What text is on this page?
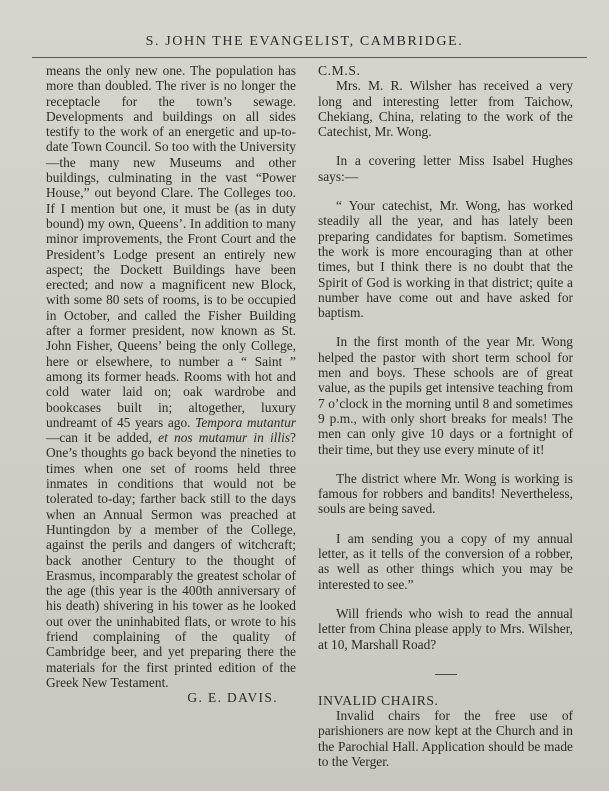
S. JOHN THE EVANGELIST, CAMBRIDGE.

means the only new one. The population has more than doubled. The river is no longer the receptacle for the town’s sewage. Developments and buildings on all sides testify to the work of an energetic and up-to-date Town Council. So too with the University—the many new Museums and other buildings, culminating in the vast “Power House,” out beyond Clare. The Colleges too. If I mention but one, it must be (as in duty bound) my own, Queens’. In addition to many minor improvements, the Front Court and the President’s Lodge present an entirely new aspect; the Dockett Buildings have been erected; and now a magnificent new Block, with some 80 sets of rooms, is to be occupied in October, and called the Fisher Building after a former president, now known as St. John Fisher, Queens’ being the only College, here or elsewhere, to number a “ Saint ” among its former heads. Rooms with hot and cold water laid on; oak wardrobe and bookcases built in; altogether, luxury undreamt of 45 years ago. Tempora mutantur—can it be added, et nos mutamur in illis? One’s thoughts go back beyond the nineties to times when one set of rooms held three inmates in conditions that would not be tolerated to-day; farther back still to the days when an Annual Sermon was preached at Huntingdon by a member of the College, against the perils and dangers of witchcraft; back another Century to the thought of Erasmus, incomparably the greatest scholar of the age (this year is the 400th anniversary of his death) shivering in his tower as he looked out over the uninhabited flats, or wrote to his friend complaining of the quality of Cambridge beer, and yet preparing there the materials for the first printed edition of the Greek New Testament.

G. E. DAVIS.

C.M.S.

Mrs. M. R. Wilsher has received a very long and interesting letter from Taichow, Chekiang, China, relating to the work of the Catechist, Mr. Wong.

In a covering letter Miss Isabel Hughes says:—

“ Your catechist, Mr. Wong, has worked steadily all the year, and has lately been preparing candidates for baptism. Sometimes the work is more encouraging than at other times, but I think there is no doubt that the Spirit of God is working in that district; quite a number have come out and have asked for baptism.

In the first month of the year Mr. Wong helped the pastor with short term school for men and boys. These schools are of great value, as the pupils get intensive teaching from 7 o’clock in the morning until 8 and sometimes 9 p.m., with only short breaks for meals! The men can only give 10 days or a fortnight of their time, but they use every minute of it!

The district where Mr. Wong is working is famous for robbers and bandits! Nevertheless, souls are being saved.

I am sending you a copy of my annual letter, as it tells of the conversion of a robber, as well as other things which you may be interested to see.”

Will friends who wish to read the annual letter from China please apply to Mrs. Wilsher, at 10, Marshall Road?

INVALID CHAIRS.

Invalid chairs for the free use of parishioners are now kept at the Church and in the Parochial Hall. Application should be made to the Verger.
